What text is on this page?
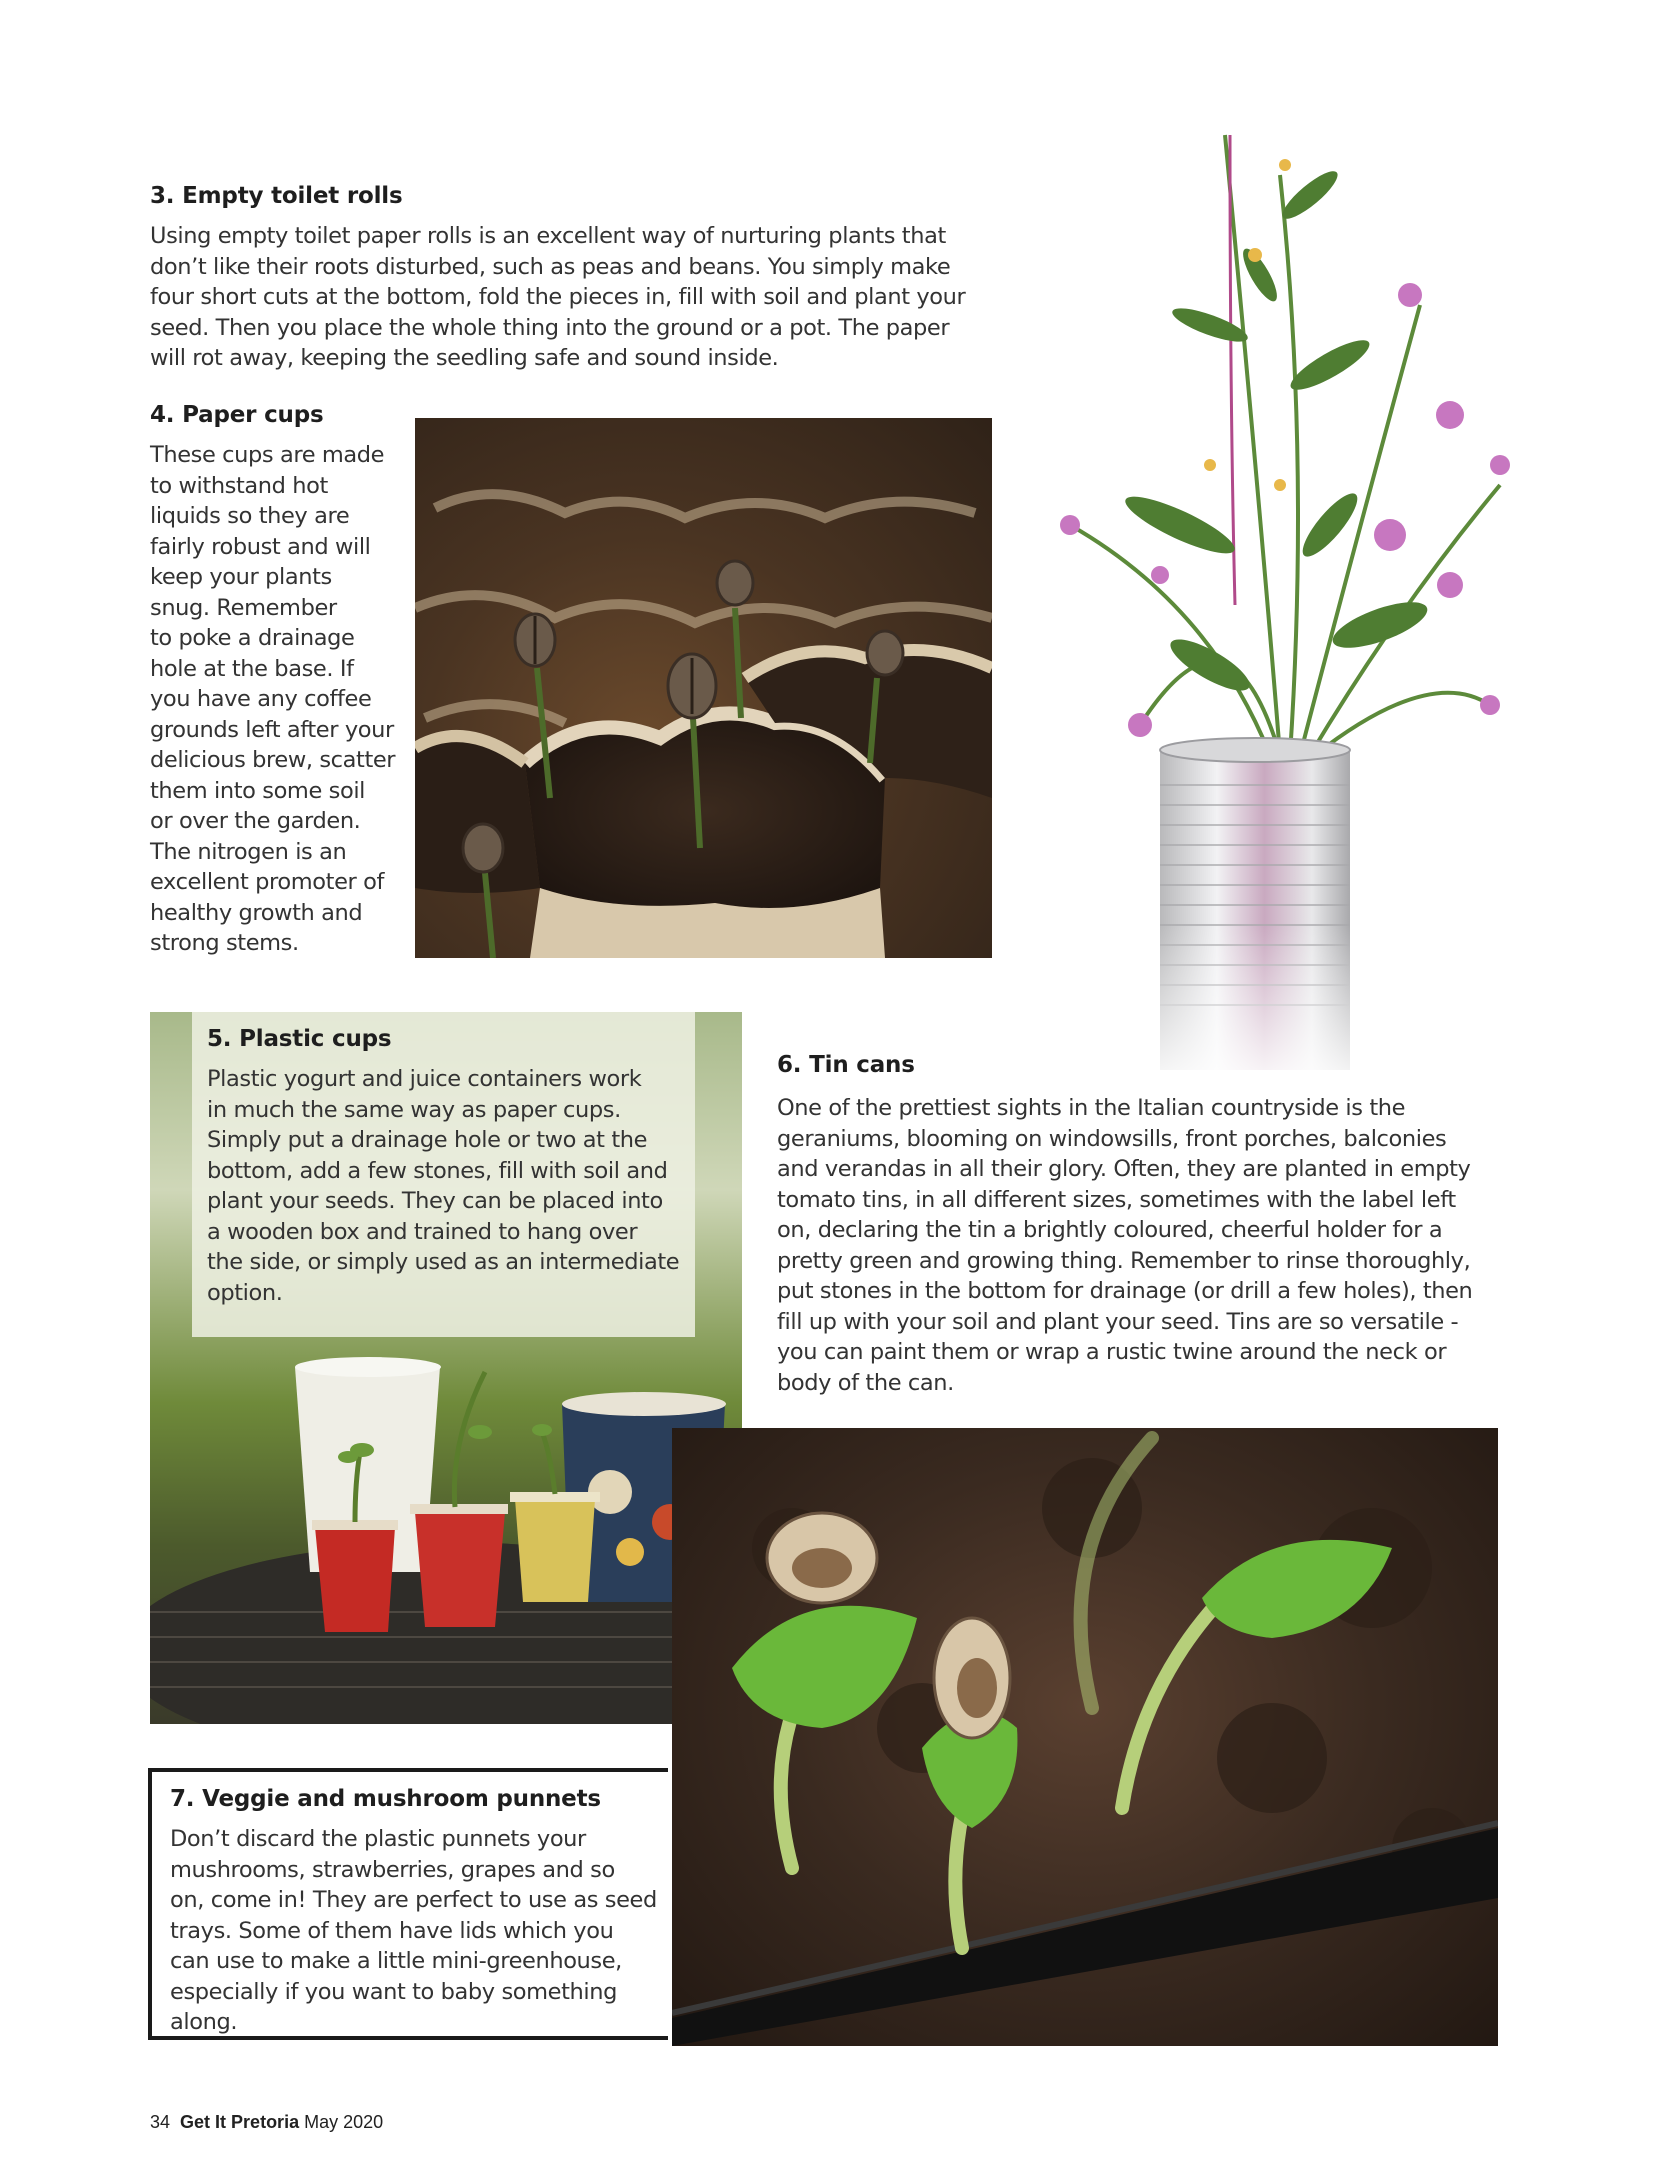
3. Empty toilet rolls

Using empty toilet paper rolls is an excellent way of nurturing plants that
don’t like their roots disturbed, such as peas and beans. You simply make
four short cuts at the bottom, fold the pieces in, fill with soil and plant your
seed. Then you place the whole thing into the ground or a pot. The paper
will rot away, keeping the seedling safe and sound inside.

4. Paper cups

These cups are made
to withstand hot
liquids so they are
fairly robust and will
keep your plants
snug. Remember
to poke a drainage
hole at the base. If
you have any coffee
grounds left after your
delicious brew, scatter
them into some soil
or over the garden.
The nitrogen is an
excellent promoter of
healthy growth and
strong stems.

5. Plastic cups

Plastic yogurt and juice containers work
in much the same way as paper cups.
Simply put a drainage hole or two at the
bottom, add a few stones, fill with soil and
plant your seeds. They can be placed into
a wooden box and trained to hang over
the side, or simply used as an intermediate
option.

6. Tin cans

One of the prettiest sights in the Italian countryside is the
geraniums, blooming on windowsills, front porches, balconies
and verandas in all their glory. Often, they are planted in empty
tomato tins, in all different sizes, sometimes with the label left
on, declaring the tin a brightly coloured, cheerful holder for a
pretty green and growing thing. Remember to rinse thoroughly,
put stones in the bottom for drainage (or drill a few holes), then
fill up with your soil and plant your seed. Tins are so versatile -
you can paint them or wrap a rustic twine around the neck or
body of the can.

7. Veggie and mushroom punnets

Don’t discard the plastic punnets your
mushrooms, strawberries, grapes and so
on, come in! They are perfect to use as seed
trays. Some of them have lids which you
can use to make a little mini-greenhouse,
especially if you want to baby something
along.

34 Get It Pretoria May 2020
